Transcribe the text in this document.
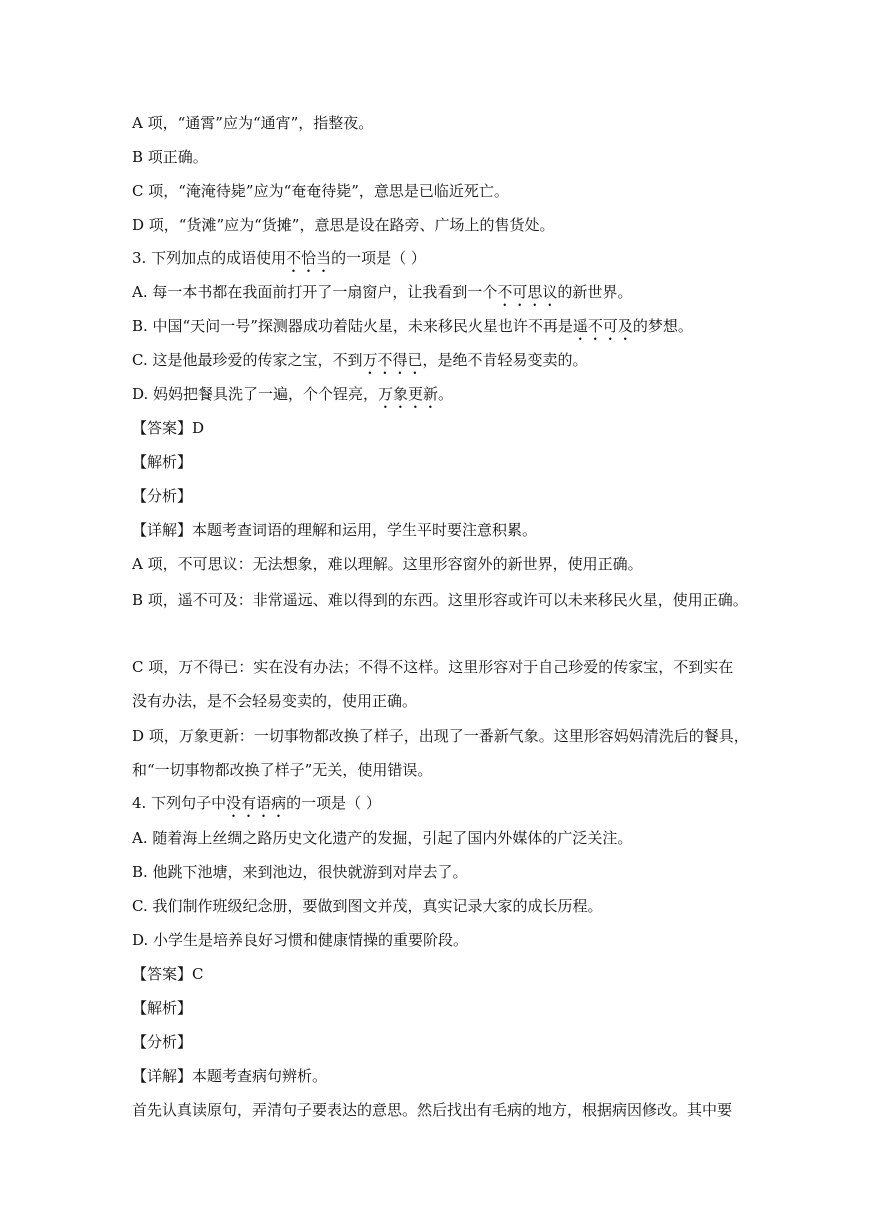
A 项，“通霄”应为“通宵”，指整夜。
B 项正确。
C 项，“淹淹待毙”应为“奄奄待毙”，意思是已临近死亡。
D 项，“货滩”应为“货摊”，意思是设在路旁、广场上的售货处。
3. 下列加点的成语使用不恰当的一项是（ ）
A. 每一本书都在我面前打开了一扇窗户，让我看到一个不可思议的新世界。
B. 中国“天问一号”探测器成功着陆火星，未来移民火星也许不再是遥不可及的梦想。
C. 这是他最珍爱的传家之宝，不到万不得已，是绝不肯轻易变卖的。
D. 妈妈把餐具洗了一遍，个个锃亮，万象更新。
【答案】D
【解析】
【分析】
【详解】本题考查词语的理解和运用，学生平时要注意积累。
A 项，不可思议：无法想象，难以理解。这里形容窗外的新世界，使用正确。
B 项，遥不可及：非常遥远、难以得到的东西。这里形容或许可以未来移民火星，使用正确。
C 项，万不得已：实在没有办法；不得不这样。这里形容对于自己珍爱的传家宝，不到实在
没有办法，是不会轻易变卖的，使用正确。
D 项，万象更新：一切事物都改换了样子，出现了一番新气象。这里形容妈妈清洗后的餐具，
和“一切事物都改换了样子”无关，使用错误。
4. 下列句子中没有语病的一项是（ ）
A. 随着海上丝绸之路历史文化遗产的发掘，引起了国内外媒体的广泛关注。
B. 他跳下池塘，来到池边，很快就游到对岸去了。
C. 我们制作班级纪念册，要做到图文并茂，真实记录大家的成长历程。
D. 小学生是培养良好习惯和健康情操的重要阶段。
【答案】C
【解析】
【分析】
【详解】本题考查病句辨析。
首先认真读原句，弄清句子要表达的意思。然后找出有毛病的地方，根据病因修改。其中要
